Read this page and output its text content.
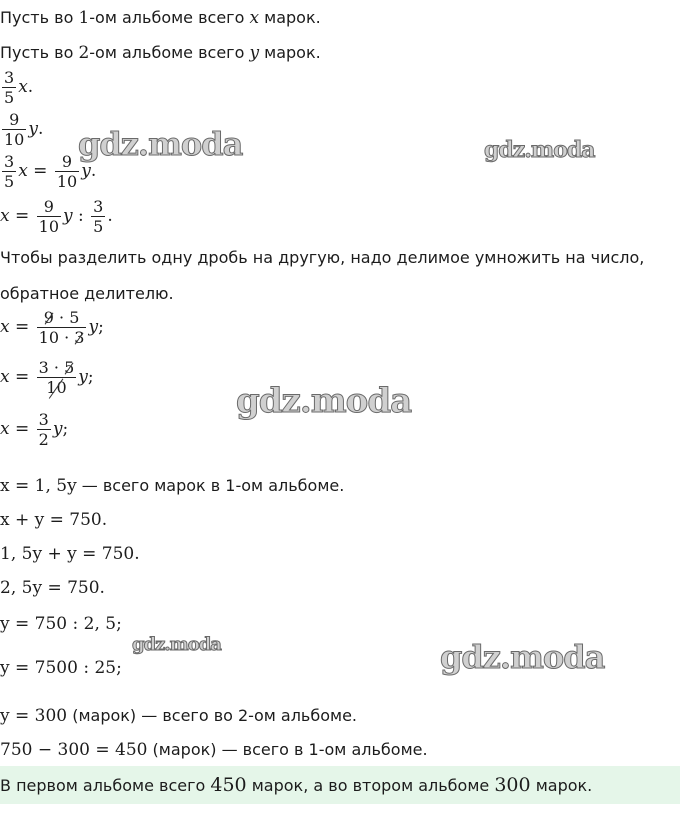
gdz.moda	gdz.moda
gdz.moda
gdz.moda	gdz.moda
Пусть во 1-ом альбоме всего x марок.
Пусть во 2-ом альбоме всего y марок.
$\frac{3}{5} x$.
$\frac{9}{10} y$.
$\frac{3}{5}$ $x = \frac{9}{10} y$.
$x = \frac{9}{10}$ y : $\frac{3}{5}$ .
Чтобы разделить одну дробь на другую, надо делимое умножить на число,
обратное делителю.
$x = \frac{9 \cdot 5}{10 \cdot 3} y$;
$x = \frac{3 \cdot 5}{10} y$;
$x = \frac{3}{2} y$;
x = 1, 5y — всего марок в 1-ом альбоме.
x + y = 750.
1, 5y + y = 750.
2, 5y = 750.
y = 750 : 2, 5;
y = 7500 : 25;
y = 300 (марок) — всего во 2-ом альбоме.
750 − 300 = 450 (марок) — всего в 1-ом альбоме.
В первом альбоме всего 450 марок, а во втором альбоме 300 марок.
